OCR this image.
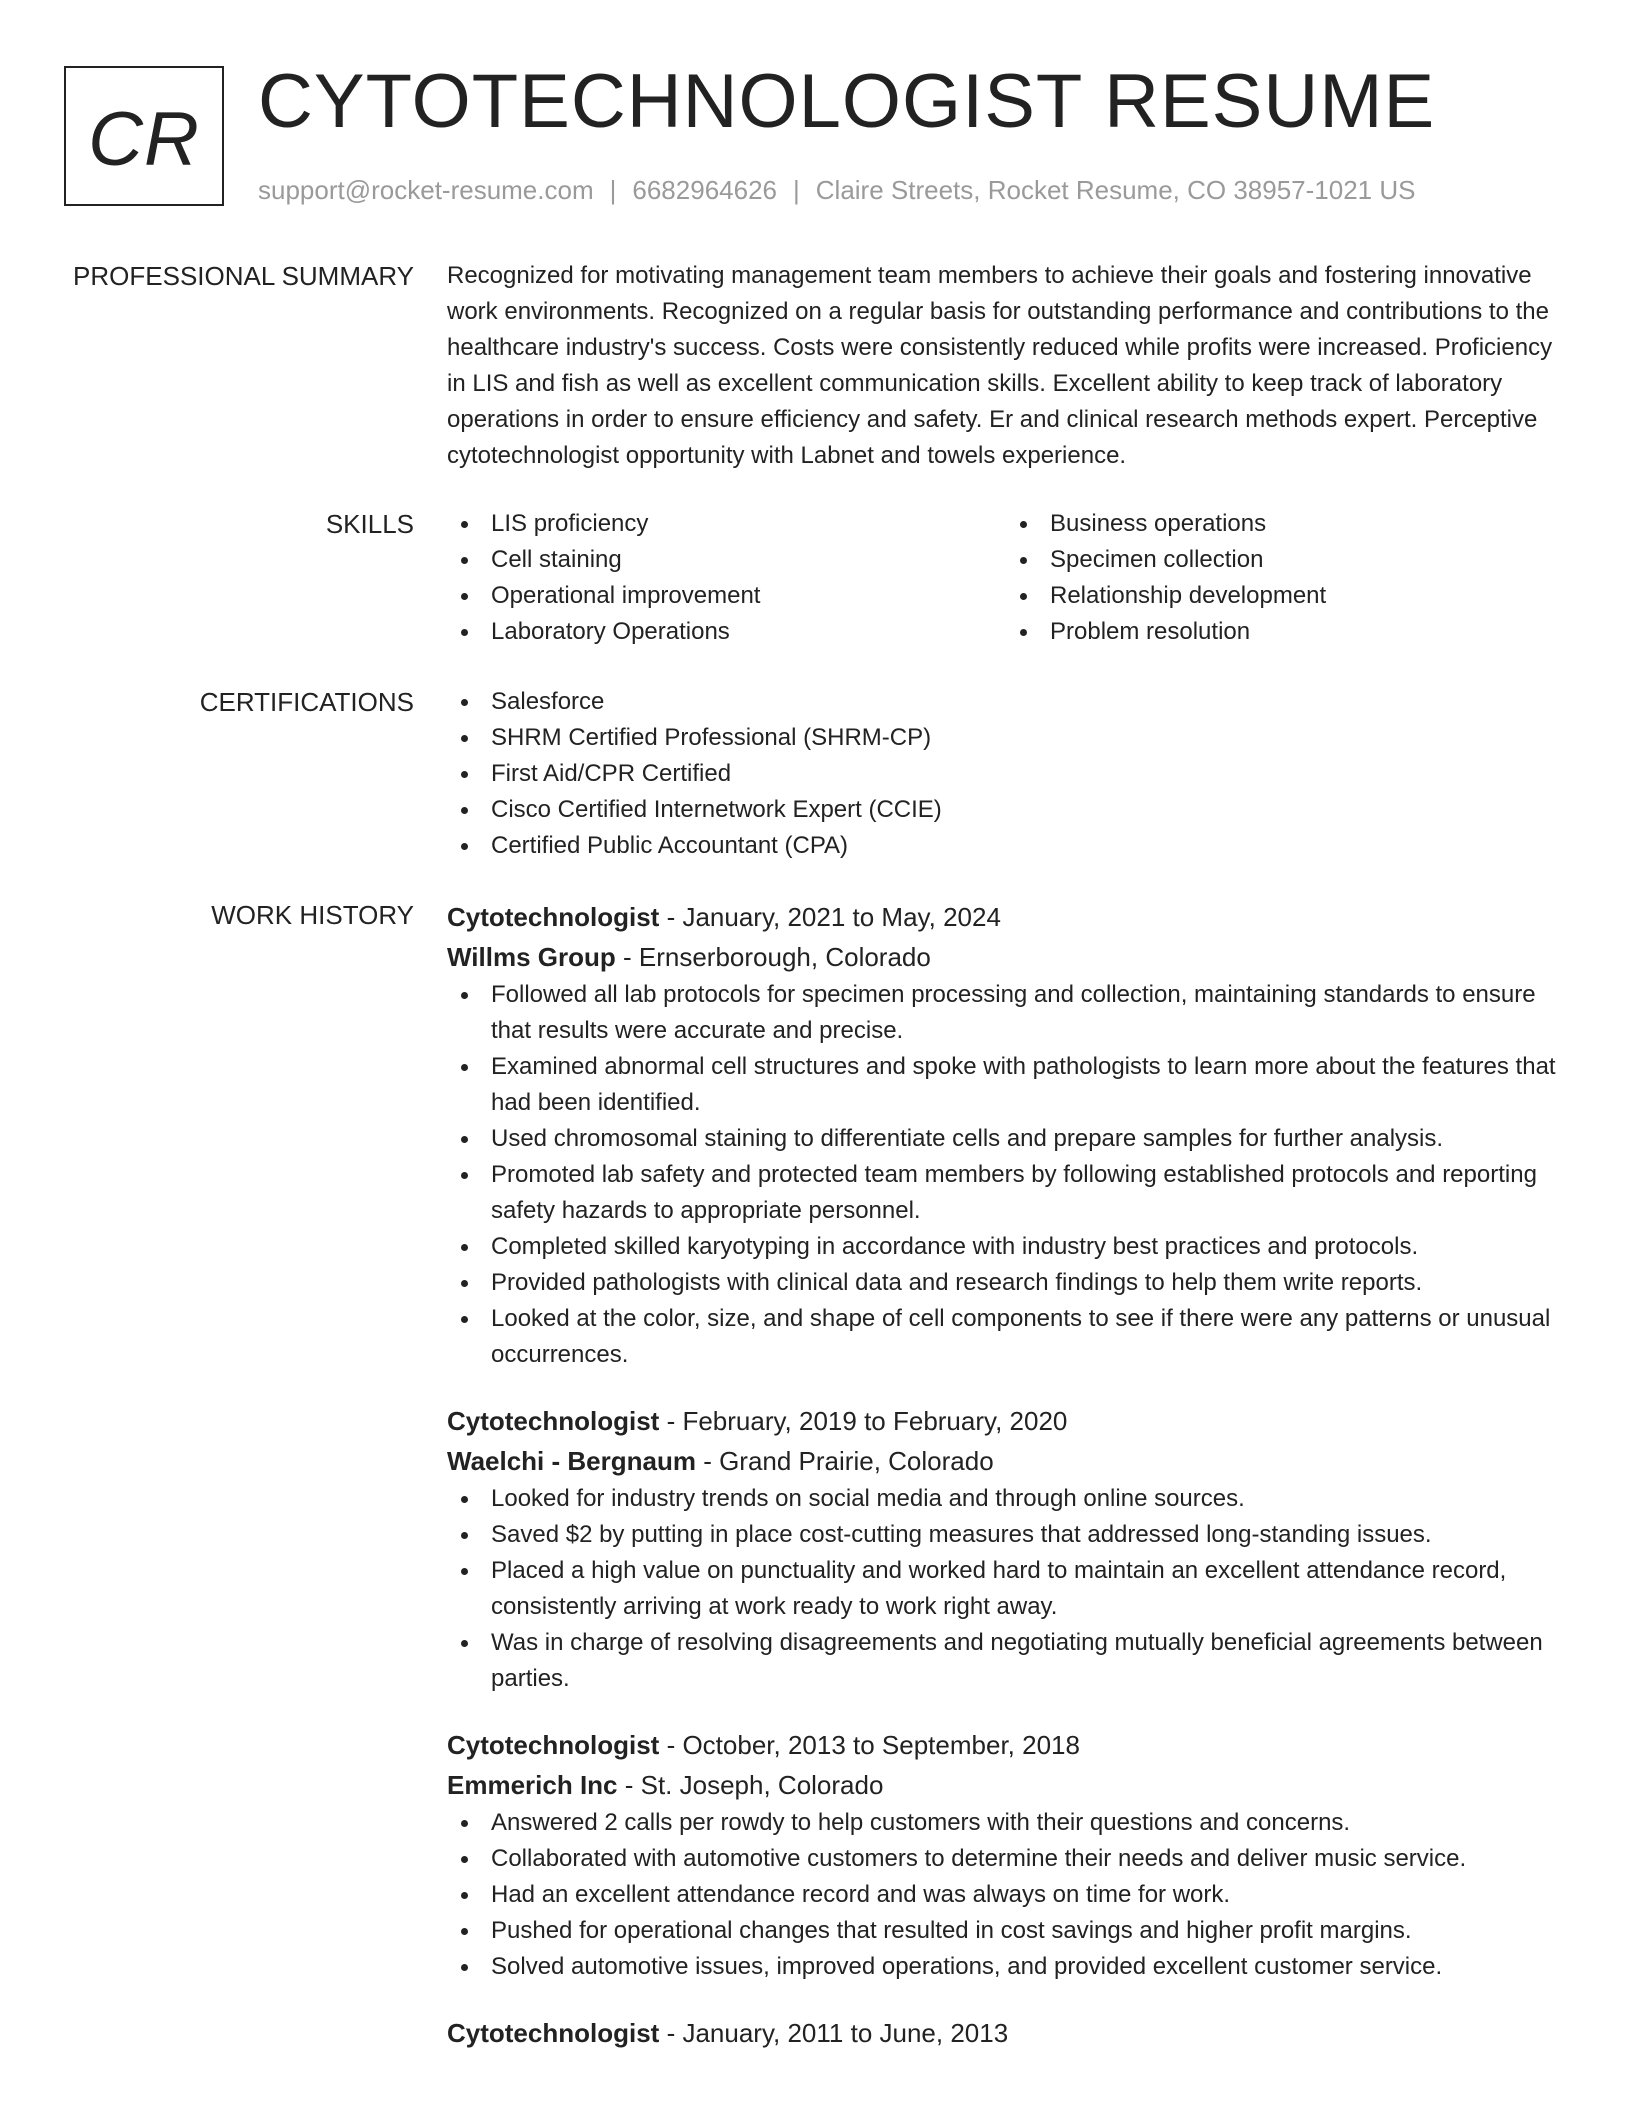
CR CYTOTECHNOLOGIST RESUME
support@rocket-resume.com | 6682964626 | Claire Streets, Rocket Resume, CO 38957-1021 US
PROFESSIONAL SUMMARY Recognized for motivating management team members to achieve their goals and fostering innovative work environments. Recognized on a regular basis for outstanding performance and contributions to the healthcare industry's success. Costs were consistently reduced while profits were increased. Proficiency in LIS and fish as well as excellent communication skills. Excellent ability to keep track of laboratory operations in order to ensure efficiency and safety. Er and clinical research methods expert. Perceptive cytotechnologist opportunity with Labnet and towels experience.

SKILLS	LIS proficiency
Cell staining
Operational improvement
Laboratory Operations
Business operations
Specimen collection
Relationship development
Problem resolution
CERTIFICATIONS	Salesforce
SHRM Certified Professional (SHRM-CP)
First Aid/CPR Certified
Cisco Certified Internetwork Expert (CCIE)
Certified Public Accountant (CPA)
WORK HISTORY Cytotechnologist - January, 2021 to May, 2024
Willms Group - Ernserborough, Colorado
Followed all lab protocols for specimen processing and collection, maintaining standards to ensure that results were accurate and precise.
Examined abnormal cell structures and spoke with pathologists to learn more about the features that had been identified.
Used chromosomal staining to differentiate cells and prepare samples for further analysis.
Promoted lab safety and protected team members by following established protocols and reporting safety hazards to appropriate personnel.
Completed skilled karyotyping in accordance with industry best practices and protocols.
Provided pathologists with clinical data and research findings to help them write reports.
Looked at the color, size, and shape of cell components to see if there were any patterns or unusual occurrences.
Cytotechnologist - February, 2019 to February, 2020
Waelchi - Bergnaum - Grand Prairie, Colorado
Looked for industry trends on social media and through online sources.
Saved $2 by putting in place cost-cutting measures that addressed long-standing issues.
Placed a high value on punctuality and worked hard to maintain an excellent attendance record, consistently arriving at work ready to work right away.
Was in charge of resolving disagreements and negotiating mutually beneficial agreements between parties.
Cytotechnologist - October, 2013 to September, 2018
Emmerich Inc - St. Joseph, Colorado
Answered 2 calls per rowdy to help customers with their questions and concerns.
Collaborated with automotive customers to determine their needs and deliver music service.
Had an excellent attendance record and was always on time for work.
Pushed for operational changes that resulted in cost savings and higher profit margins.
Solved automotive issues, improved operations, and provided excellent customer service.
Cytotechnologist - January, 2011 to June, 2013
